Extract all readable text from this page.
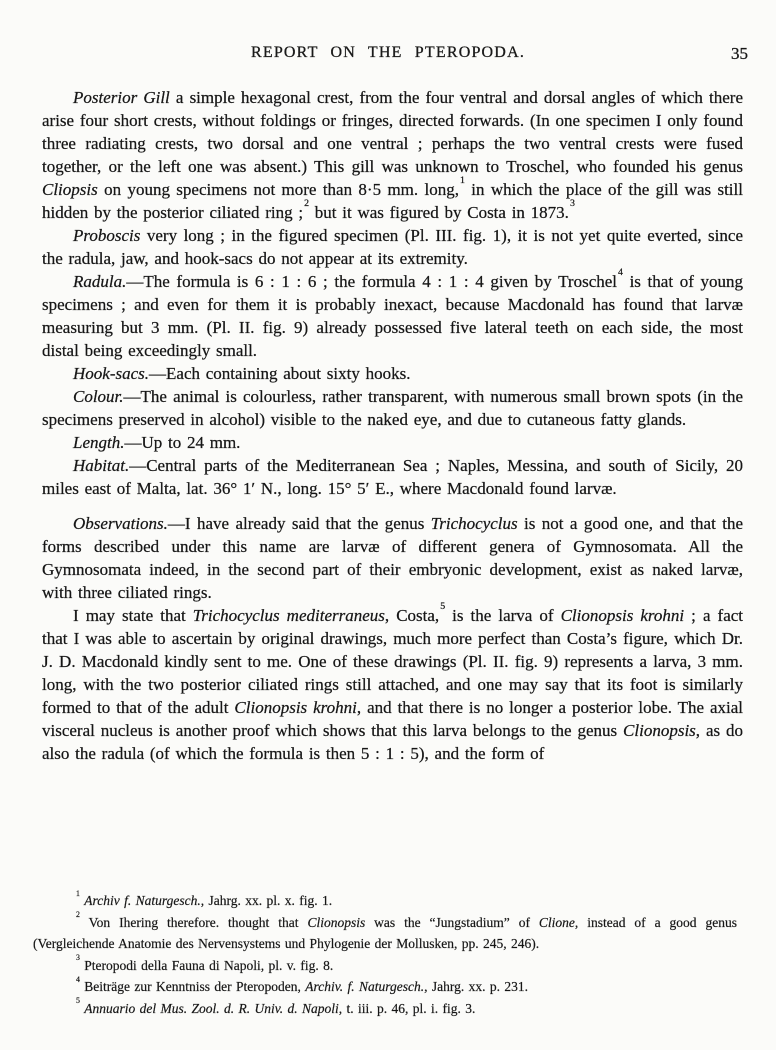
REPORT ON THE PTEROPODA.	35

Posterior Gill a simple hexagonal crest, from the four ventral and dorsal angles of which there arise four short crests, without foldings or fringes, directed forwards. (In one specimen I only found three radiating crests, two dorsal and one ventral ; perhaps the two ventral crests were fused together, or the left one was absent.) This gill was unknown to Troschel, who founded his genus Cliopsis on young specimens not more than 8·5 mm. long,$^1$ in which the place of the gill was still hidden by the posterior ciliated ring ;$^2$ but it was figured by Costa in 1873.$^3$

Proboscis very long ; in the figured specimen (Pl. III. fig. 1), it is not yet quite everted, since the radula, jaw, and hook-sacs do not appear at its extremity.

Radula.—The formula is 6 : 1 : 6 ; the formula 4 : 1 : 4 given by Troschel$^4$ is that of young specimens ; and even for them it is probably inexact, because Macdonald has found that larvæ measuring but 3 mm. (Pl. II. fig. 9) already possessed five lateral teeth on each side, the most distal being exceedingly small.

Hook-sacs.—Each containing about sixty hooks.

Colour.—The animal is colourless, rather transparent, with numerous small brown spots (in the specimens preserved in alcohol) visible to the naked eye, and due to cutaneous fatty glands.

Length.—Up to 24 mm.

Habitat.—Central parts of the Mediterranean Sea ; Naples, Messina, and south of Sicily, 20 miles east of Malta, lat. 36° 1′ N., long. 15° 5′ E., where Macdonald found larvæ.

Observations.—I have already said that the genus Trichocyclus is not a good one, and that the forms described under this name are larvæ of different genera of Gymnosomata. All the Gymnosomata indeed, in the second part of their embryonic development, exist as naked larvæ, with three ciliated rings.

I may state that Trichocyclus mediterraneus, Costa,$^5$ is the larva of Clionopsis krohni ; a fact that I was able to ascertain by original drawings, much more perfect than Costa’s figure, which Dr. J. D. Macdonald kindly sent to me. One of these drawings (Pl. II. fig. 9) represents a larva, 3 mm. long, with the two posterior ciliated rings still attached, and one may say that its foot is similarly formed to that of the adult Clionopsis krohni, and that there is no longer a posterior lobe. The axial visceral nucleus is another proof which shows that this larva belongs to the genus Clionopsis, as do also the radula (of which the formula is then 5 : 1 : 5), and the form of

$^1$ Archiv f. Naturgesch., Jahrg. xx. pl. x. fig. 1.

$^2$ Von Ihering therefore. thought that Clionopsis was the “Jungstadium” of Clione, instead of a good genus (Vergleichende Anatomie des Nervensystems und Phylogenie der Mollusken, pp. 245, 246).

$^3$ Pteropodi della Fauna di Napoli, pl. v. fig. 8.

$^4$ Beiträge zur Kenntniss der Pteropoden, Archiv. f. Naturgesch., Jahrg. xx. p. 231.

$^5$ Annuario del Mus. Zool. d. R. Univ. d. Napoli, t. iii. p. 46, pl. i. fig. 3.
